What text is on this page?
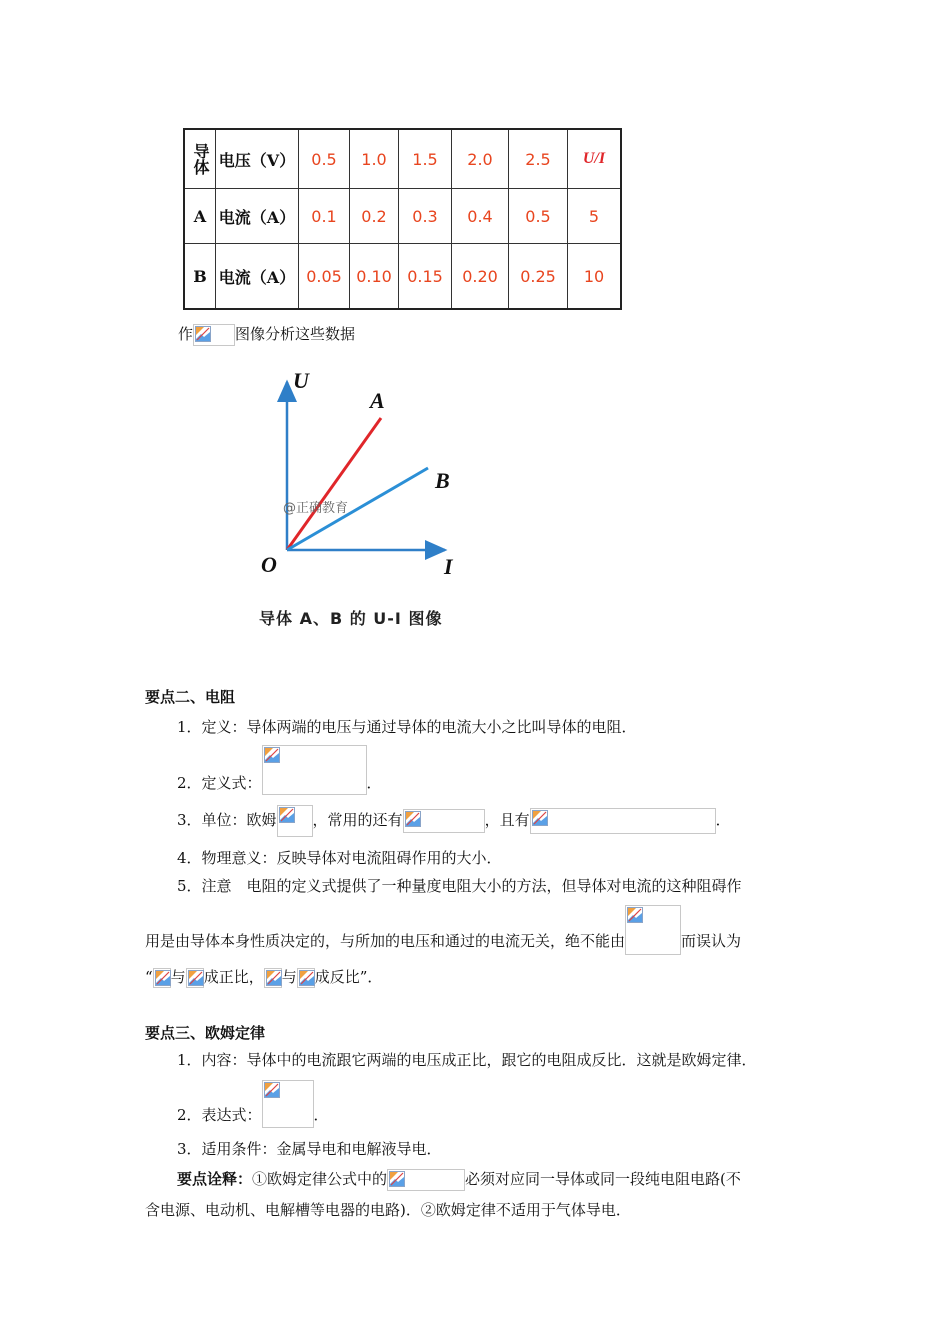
导体	电压（V）	0.5	1.0	1.5	2.0	2.5	U/I
A	电流（A）	0.1	0.2	0.3	0.4	0.5	5
B	电流（A）	0.05	0.10	0.15	0.20	0.25	10
作	图像分析这些数据
U
I
O
A
B
@正确教育
导体 A、B 的 U-I 图像
要点二、电阻
1．定义：导体两端的电压与通过导体的电流大小之比叫导体的电阻．
2．定义式：	．
3．单位：欧姆 ，常用的还有	，且有	．
4．物理意义：反映导体对电流阻碍作用的大小．
5．注意　电阻的定义式提供了一种量度电阻大小的方法，但导体对电流的这种阻碍作
用是由导体本身性质决定的，与所加的电压和通过的电流无关，绝不能由	而误认为
“ 与 成正比， 与 成反比”．
要点三、欧姆定律
1．内容：导体中的电流跟它两端的电压成正比，跟它的电阻成反比．这就是欧姆定律．
2．表达式：	．
3．适用条件：金属导电和电解液导电．
要点诠释：①欧姆定律公式中的	必须对应同一导体或同一段纯电阻电路(不
含电源、电动机、电解槽等电器的电路)．②欧姆定律不适用于气体导电．
